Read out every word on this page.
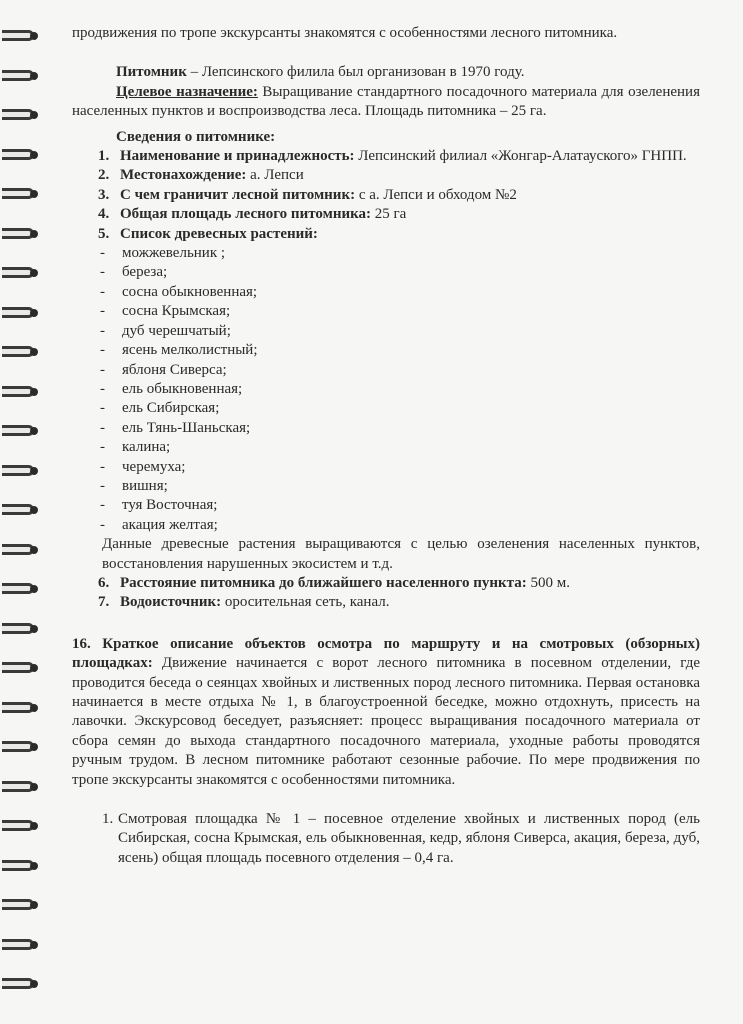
продвижения по тропе экскурсанты знакомятся с особенностями лесного питомника.

Питомник – Лепсинского филила был организован в 1970 году.

Целевое назначение: Выращивание стандартного посадочного материала для озеленения населенных пунктов и воспроизводства леса. Площадь питомника – 25 га.

Сведения о питомнике:

1. Наименование и принадлежность: Лепсинский филиал «Жонгар-Алатауского» ГНПП.
2. Местонахождение: а. Лепси
3. С чем граничит лесной питомник: с а. Лепси и обходом №2
4. Общая площадь лесного питомника: 25 га
5. Список древесных растений:
- можжевельник ;
- береза;
- сосна обыкновенная;
- сосна Крымская;
- дуб черешчатый;
- ясень мелколистный;
- яблоня Сиверса;
- ель обыкновенная;
- ель Сибирская;
- ель Тянь-Шаньская;
- калина;
- черемуха;
- вишня;
- туя Восточная;
- акация желтая;

Данные древесные растения выращиваются с целью озеленения населенных пунктов, восстановления нарушенных экосистем и т.д.

6. Расстояние питомника до ближайшего населенного пункта: 500 м.
7. Водоисточник: оросительная сеть, канал.

16. Краткое описание объектов осмотра по маршруту и на смотровых (обзорных) площадках: Движение начинается с ворот лесного питомника в посевном отделении, где проводится беседа о сеянцах хвойных и лиственных пород лесного питомника. Первая остановка начинается в месте отдыха № 1, в благоустроенной беседке, можно отдохнуть, присесть на лавочки. Экскурсовод беседует, разъясняет: процесс выращивания посадочного материала от сбора семян до выхода стандартного посадочного материала, уходные работы проводятся ручным трудом. В лесном питомнике работают сезонные рабочие. По мере продвижения по тропе экскурсанты знакомятся с особенностями питомника.

1. Смотровая площадка № 1 – посевное отделение хвойных и лиственных пород (ель Сибирская, сосна Крымская, ель обыкновенная, кедр, яблоня Сиверса, акация, береза, дуб, ясень) общая площадь посевного отделения – 0,4 га.
